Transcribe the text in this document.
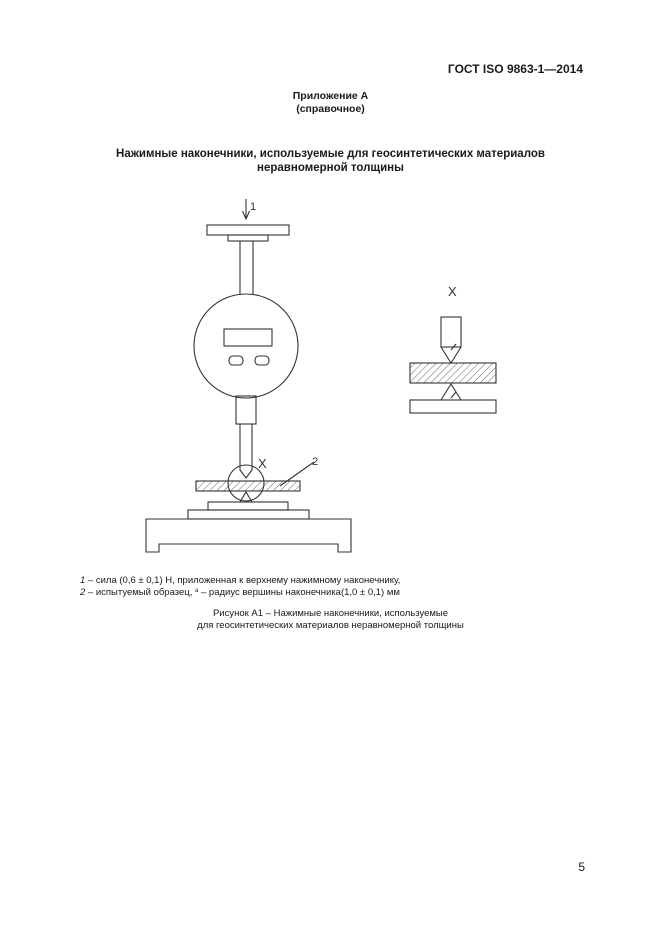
ГОСТ ISO 9863-1—2014
Приложение А
(справочное)
Нажимные наконечники, используемые для геосинтетических материалов
неравномерной толщины
1
2
X
X
1 – сила (0,6 ± 0,1) Н, приложенная к верхнему нажимному наконечнику,
2 – испытуемый образец, $^a$ – радиус вершины наконечника(1,0 ± 0,1) мм
Рисунок А1 – Нажимные наконечники, используемые
для геосинтетических материалов неравномерной толщины
5
